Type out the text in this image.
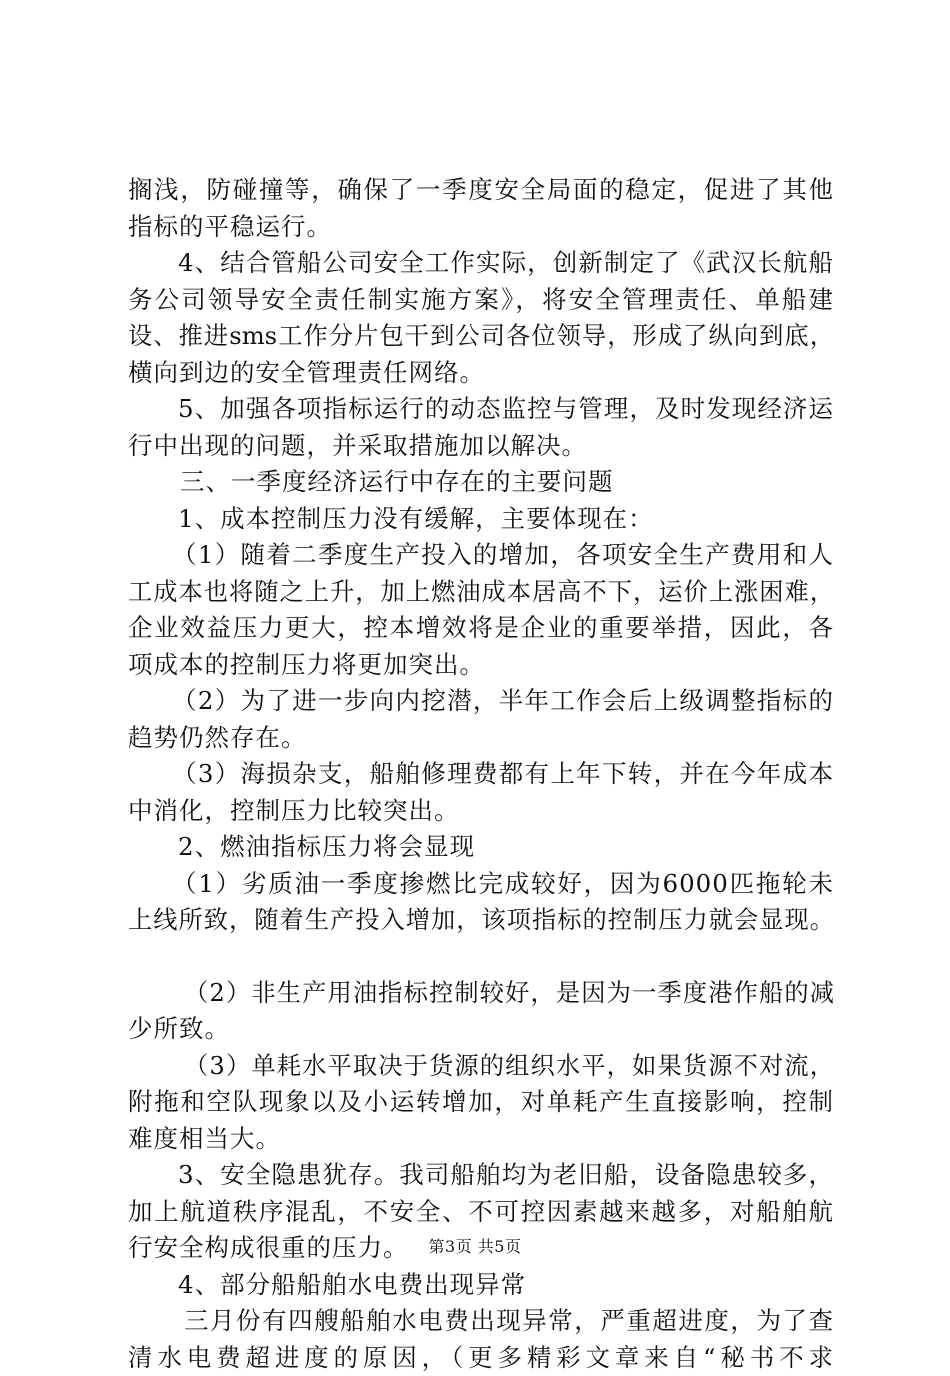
搁浅，防碰撞等，确保了一季度安全局面的稳定，促进了其他
指标的平稳运行。
4、结合管船公司安全工作实际，创新制定了《武汉长航船
务公司领导安全责任制实施方案》，将安全管理责任、单船建
设、推进sms工作分片包干到公司各位领导，形成了纵向到底，
横向到边的安全管理责任网络。
5、加强各项指标运行的动态监控与管理，及时发现经济运
行中出现的问题，并采取措施加以解决。
三、一季度经济运行中存在的主要问题
1、成本控制压力没有缓解，主要体现在：
（1）随着二季度生产投入的增加，各项安全生产费用和人
工成本也将随之上升，加上燃油成本居高不下，运价上涨困难，
企业效益压力更大，控本增效将是企业的重要举措，因此，各
项成本的控制压力将更加突出。
（2）为了进一步向内挖潜，半年工作会后上级调整指标的
趋势仍然存在。
（3）海损杂支，船舶修理费都有上年下转，并在今年成本
中消化，控制压力比较突出。
2、燃油指标压力将会显现
（1）劣质油一季度掺燃比完成较好，因为6000匹拖轮未
上线所致，随着生产投入增加，该项指标的控制压力就会显现。
（2）非生产用油指标控制较好，是因为一季度港作船的减
少所致。
（3）单耗水平取决于货源的组织水平，如果货源不对流，
附拖和空队现象以及小运转增加，对单耗产生直接影响，控制
难度相当大。
3、安全隐患犹存。我司船舶均为老旧船，设备隐患较多，
加上航道秩序混乱，不安全、不可控因素越来越多，对船舶航
行安全构成很重的压力。
4、部分船船舶水电费出现异常
三月份有四艘船舶水电费出现异常，严重超进度，为了查
清水电费超进度的原因，（更多精彩文章来自“秘书不求
第3页 共5页
